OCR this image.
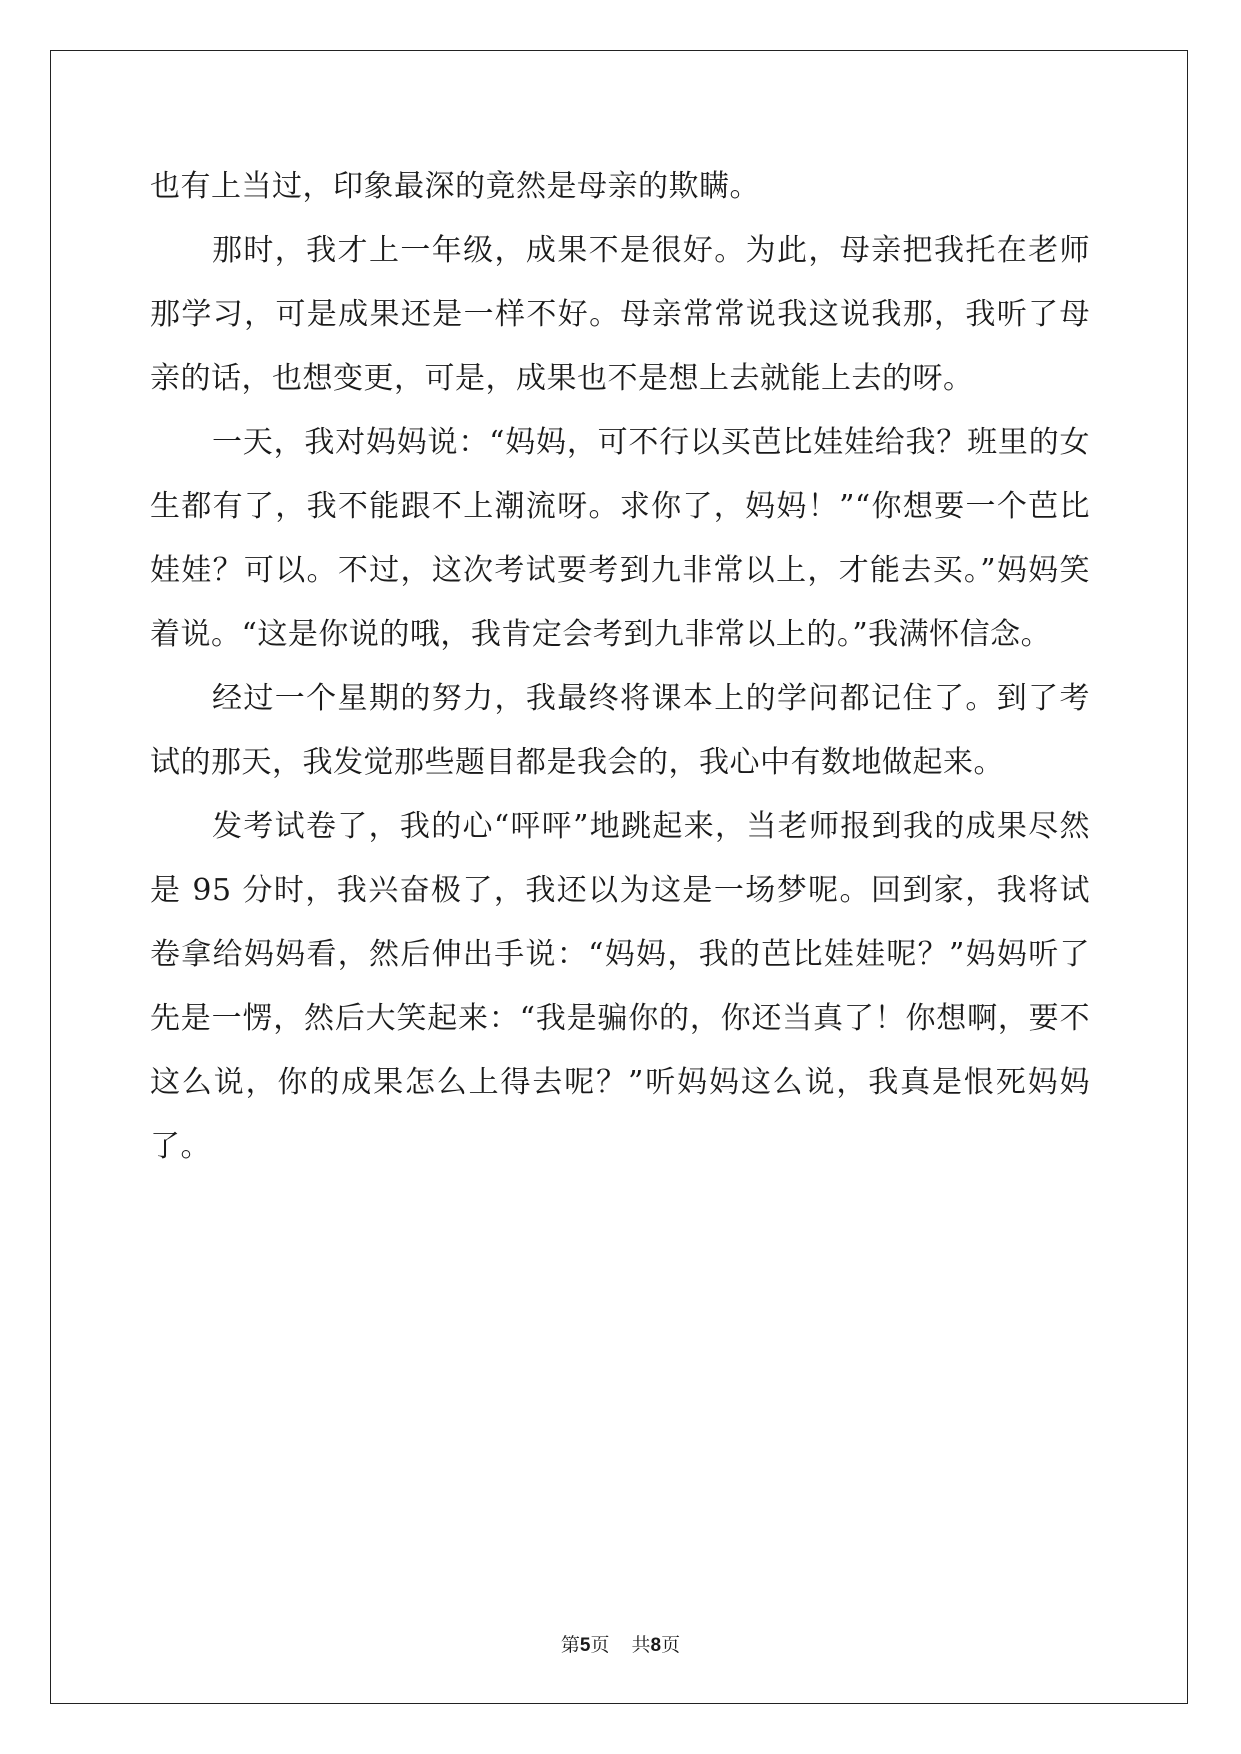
也有上当过，印象最深的竟然是母亲的欺瞒。

那时，我才上一年级，成果不是很好。为此，母亲把我托在老师那学习，可是成果还是一样不好。母亲常常说我这说我那，我听了母亲的话，也想变更，可是，成果也不是想上去就能上去的呀。

一天，我对妈妈说：“妈妈，可不行以买芭比娃娃给我？班里的女生都有了，我不能跟不上潮流呀。求你了，妈妈！”“你想要一个芭比娃娃？可以。不过，这次考试要考到九非常以上，才能去买。”妈妈笑着说。“这是你说的哦，我肯定会考到九非常以上的。”我满怀信念。

经过一个星期的努力，我最终将课本上的学问都记住了。到了考试的那天，我发觉那些题目都是我会的，我心中有数地做起来。

发考试卷了，我的心“呯呯”地跳起来，当老师报到我的成果尽然是 95 分时，我兴奋极了，我还以为这是一场梦呢。回到家，我将试卷拿给妈妈看，然后伸出手说：“妈妈，我的芭比娃娃呢？”妈妈听了先是一愣，然后大笑起来：“我是骗你的，你还当真了！你想啊，要不这么说，你的成果怎么上得去呢？”听妈妈这么说，我真是恨死妈妈了。

第5页 共8页
